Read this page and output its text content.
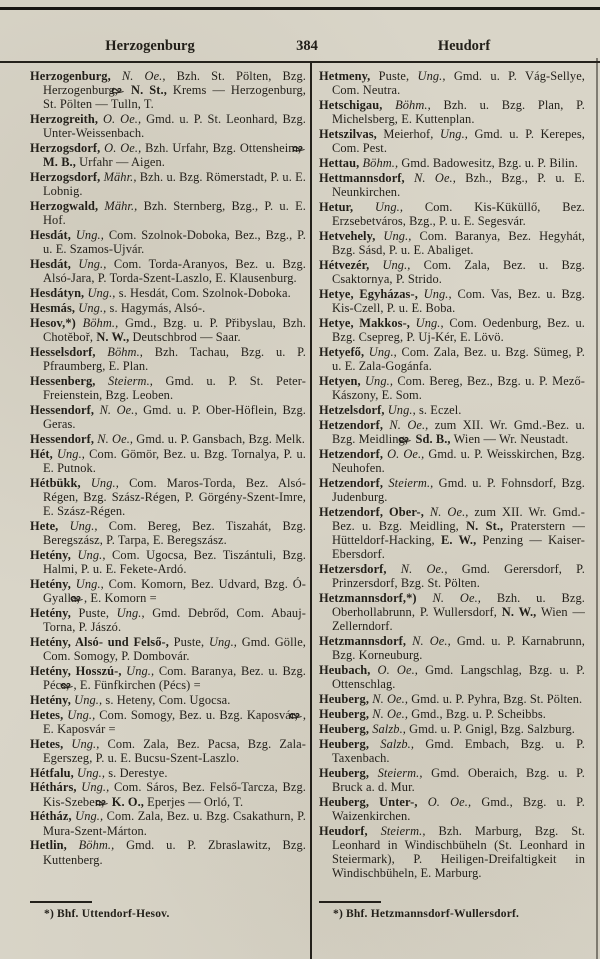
Herzogenburg	384	Heudorf

Herzogenburg, N. Oe., Bzh. St. Pölten, Bzg. Herzogenburg,  N. St., Krems — Herzogenburg, St. Pölten — Tulln, T.

Herzogreith, O. Oe., Gmd. u. P. St. Leonhard, Bzg. Unter-Weissenbach.

Herzogsdorf, O. Oe., Bzh. Urfahr, Bzg. Ottensheim,  M. B., Urfahr — Aigen.

Herzogsdorf, Mähr., Bzh. u. Bzg. Römerstadt, P. u. E. Lobnig.

Herzogwald, Mähr., Bzh. Sternberg, Bzg., P. u. E. Hof.

Hesdát, Ung., Com. Szolnok-Doboka, Bez., Bzg., P. u. E. Szamos-Ujvár.

Hesdát, Ung., Com. Torda-Aranyos, Bez. u. Bzg. Alsó-Jara, P. Torda-Szent-Laszlo, E. Klausenburg.

Hesdátyn, Ung., s. Hesdát, Com. Szolnok-Doboka.

Hesmás, Ung., s. Hagymás, Alsó-.

Hesov,*) Böhm., Gmd., Bzg. u. P. Přibyslau, Bzh. Chotěboř, N. W., Deutschbrod — Saar.

Hesselsdorf, Böhm., Bzh. Tachau, Bzg. u. P. Pfraumberg, E. Plan.

Hessenberg, Steierm., Gmd. u. P. St. Peter-Freienstein, Bzg. Leoben.

Hessendorf, N. Oe., Gmd. u. P. Ober-Höflein, Bzg. Geras.

Hessendorf, N. Oe., Gmd. u. P. Gansbach, Bzg. Melk.

Hét, Ung., Com. Gömör, Bez. u. Bzg. Tornalya, P. u. E. Putnok.

Hétbükk, Ung., Com. Maros-Torda, Bez. Alsó-Régen, Bzg. Szász-Régen, P. Görgény-Szent-Imre, E. Szász-Régen.

Hete, Ung., Com. Bereg, Bez. Tiszahát, Bzg. Beregszász, P. Tarpa, E. Beregszász.

Hetény, Ung., Com. Ugocsa, Bez. Tiszántuli, Bzg. Halmi, P. u. E. Fekete-Ardó.

Hetény, Ung., Com. Komorn, Bez. Udvard, Bzg. Ó-Gyalla, , E. Komorn =

Hetény, Puste, Ung., Gmd. Debrőd, Com. Abauj-Torna, P. Jászó.

Hetény, Alsó- und Felső-, Puste, Ung., Gmd. Gölle, Com. Somogy, P. Dombovár.

Hetény, Hosszú-, Ung., Com. Baranya, Bez. u. Bzg. Pécs, , E. Fünfkirchen (Pécs) =

Hetény, Ung., s. Heteny, Com. Ugocsa.

Hetes, Ung., Com. Somogy, Bez. u. Bzg. Kaposvár, , E. Kaposvár =

Hetes, Ung., Com. Zala, Bez. Pacsa, Bzg. Zala-Egerszeg, P. u. E. Bucsu-Szent-Laszlo.

Hétfalu, Ung., s. Derestye.

Héthárs, Ung., Com. Sáros, Bez. Felső-Tarcza, Bzg. Kis-Szeben,  K. O., Eperjes — Orló, T.

Hétház, Ung., Com. Zala, Bez. u. Bzg. Csakathurn, P. Mura-Szent-Márton.

Hetlin, Böhm., Gmd. u. P. Zbraslawitz, Bzg. Kuttenberg.

Hetmeny, Puste, Ung., Gmd. u. P. Vág-Sellye, Com. Neutra.

Hetschigau, Böhm., Bzh. u. Bzg. Plan, P. Michelsberg, E. Kuttenplan.

Hetszilvas, Meierhof, Ung., Gmd. u. P. Kerepes, Com. Pest.

Hettau, Böhm., Gmd. Badowesitz, Bzg. u. P. Bilin.

Hettmannsdorf, N. Oe., Bzh., Bzg., P. u. E. Neunkirchen.

Hetur, Ung., Com. Kis-Küküllő, Bez. Erzsebetváros, Bzg., P. u. E. Segesvár.

Hetvehely, Ung., Com. Baranya, Bez. Hegyhát, Bzg. Sásd, P. u. E. Abaliget.

Hétvezér, Ung., Com. Zala, Bez. u. Bzg. Csaktornya, P. Strido.

Hetye, Egyházas-, Ung., Com. Vas, Bez. u. Bzg. Kis-Czell, P. u. E. Boba.

Hetye, Makkos-, Ung., Com. Oedenburg, Bez. u. Bzg. Csepreg, P. Uj-Kér, E. Lövö.

Hetyefő, Ung., Com. Zala, Bez. u. Bzg. Sümeg, P. u. E. Zala-Gogánfa.

Hetyen, Ung., Com. Bereg, Bez., Bzg. u. P. Mező-Kászony, E. Som.

Hetzelsdorf, Ung., s. Eczel.

Hetzendorf, N. Oe., zum XII. Wr. Gmd.-Bez. u. Bzg. Meidling,  Sd. B., Wien — Wr. Neustadt.

Hetzendorf, O. Oe., Gmd. u. P. Weisskirchen, Bzg. Neuhofen.

Hetzendorf, Steierm., Gmd. u. P. Fohnsdorf, Bzg. Judenburg.

Hetzendorf, Ober-, N. Oe., zum XII. Wr. Gmd.-Bez. u. Bzg. Meidling, N. St., Praterstern — Hütteldorf-Hacking, E. W., Penzing — Kaiser-Ebersdorf.

Hetzersdorf, N. Oe., Gmd. Gerersdorf, P. Prinzersdorf, Bzg. St. Pölten.

Hetzmannsdorf,*) N. Oe., Bzh. u. Bzg. Oberhollabrunn, P. Wullersdorf, N. W., Wien — Zellerndorf.

Hetzmannsdorf, N. Oe., Gmd. u. P. Karnabrunn, Bzg. Korneuburg.

Heubach, O. Oe., Gmd. Langschlag, Bzg. u. P. Ottenschlag.

Heuberg, N. Oe., Gmd. u. P. Pyhra, Bzg. St. Pölten.

Heuberg, N. Oe., Gmd., Bzg. u. P. Scheibbs.

Heuberg, Salzb., Gmd. u. P. Gnigl, Bzg. Salzburg.

Heuberg, Salzb., Gmd. Embach, Bzg. u. P. Taxenbach.

Heuberg, Steierm., Gmd. Oberaich, Bzg. u. P. Bruck a. d. Mur.

Heuberg, Unter-, O. Oe., Gmd., Bzg. u. P. Waizenkirchen.

Heudorf, Steierm., Bzh. Marburg, Bzg. St. Leonhard in Windischbüheln (St. Leonhard in Steiermark), P. Heiligen-Dreifaltigkeit in Windischbüheln, E. Marburg.

*) Bhf. Uttendorf-Hesov.	*) Bhf. Hetzmannsdorf-Wullersdorf.
